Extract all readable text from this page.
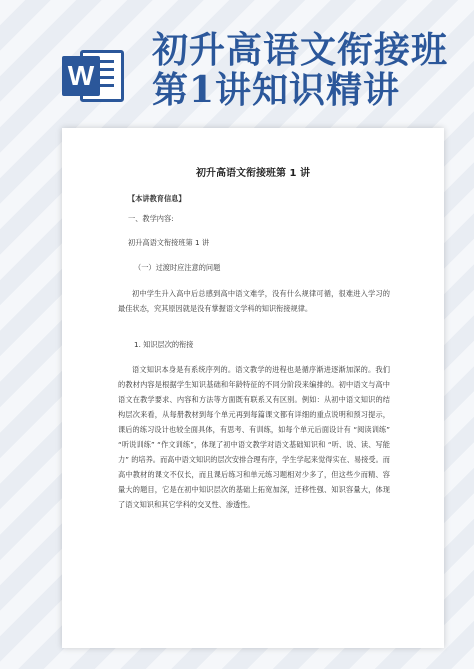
W
初升高语文衔接班
第1讲知识精讲
初升高语文衔接班第 1 讲
【本讲教育信息】
一、教学内容:
初升高语文衔接班第 1 讲
（一）过渡时应注意的问题
初中学生升入高中后总感到高中语文难学，没有什么规律可循，很难进入学习的最佳状态，究其原因就是没有掌握语文学科的知识衔接规律。
1. 知识层次的衔接
语文知识本身是有系统序列的。语文教学的进程也是循序渐进逐渐加深的。我们的教材内容是根据学生知识基础和年龄特征的不同分阶段来编排的。初中语文与高中语文在教学要求、内容和方法等方面既有联系又有区别。例如：从初中语文知识的结构层次来看，从每册教材到每个单元再到每篇课文都有详细的重点说明和预习提示，课后的练习设计也较全面具体，有思考、有训练，如每个单元后面设计有 “阅读训练” “听说训练” “作文训练”，体现了初中语文教学对语文基础知识和 “听、说、读、写能力” 的培养。而高中语文知识的层次安排合理有序，学生学起来觉得实在、易接受。而高中教材的课文不仅长，而且课后练习和单元练习题相对少多了，但这些少而精、容量大的题目，它是在初中知识层次的基础上拓宽加深，迁移性强、知识容量大，体现了语文知识和其它学科的交叉性、渗透性。
